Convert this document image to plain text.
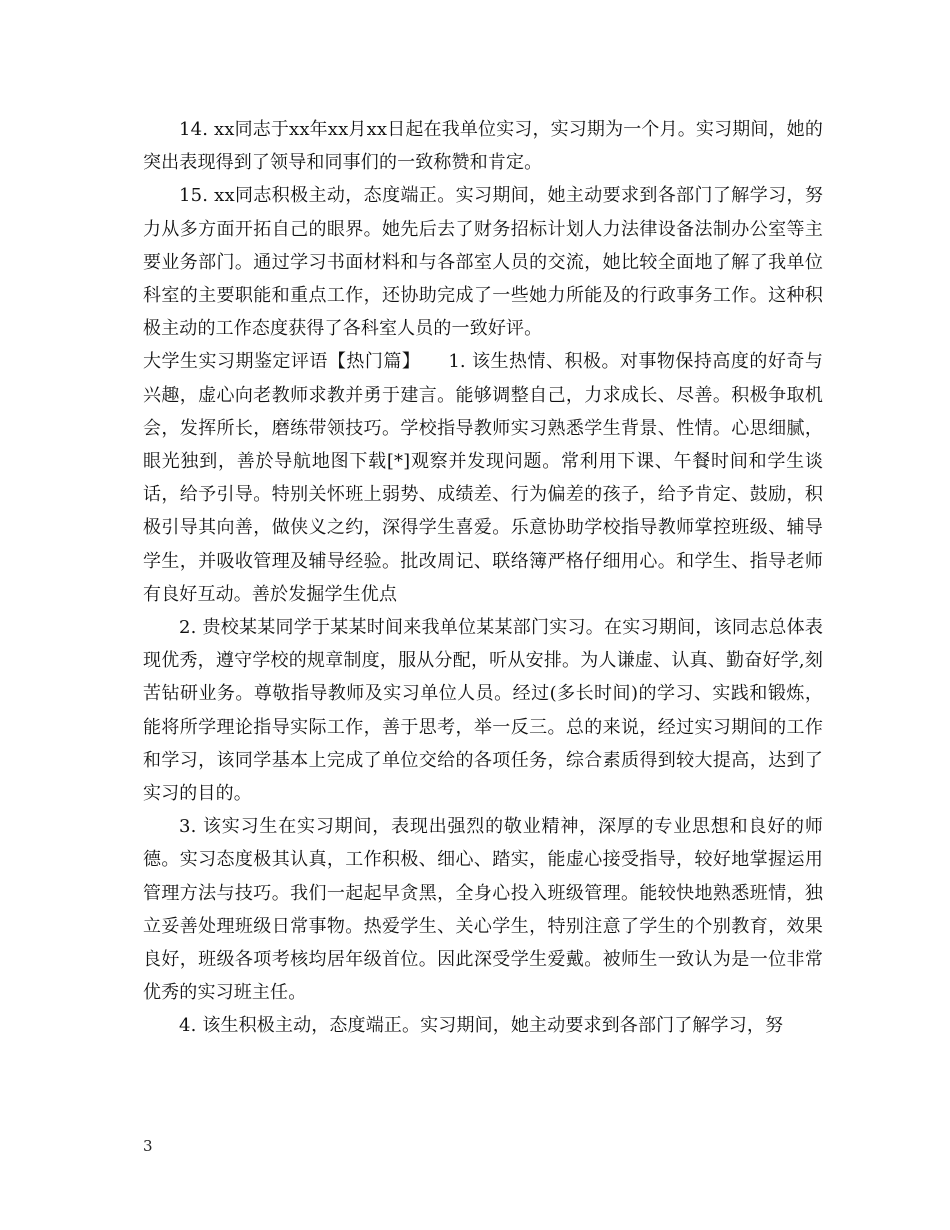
14. xx同志于xx年xx月xx日起在我单位实习，实习期为一个月。实习期间，她的突出表现得到了领导和同事们的一致称赞和肯定。

15. xx同志积极主动，态度端正。实习期间，她主动要求到各部门了解学习，努力从多方面开拓自己的眼界。她先后去了财务招标计划人力法律设备法制办公室等主要业务部门。通过学习书面材料和与各部室人员的交流，她比较全面地了解了我单位科室的主要职能和重点工作，还协助完成了一些她力所能及的行政事务工作。这种积极主动的工作态度获得了各科室人员的一致好评。

大学生实习期鉴定评语【热门篇】　　1. 该生热情、积极。对事物保持高度的好奇与兴趣，虚心向老教师求教并勇于建言。能够调整自己，力求成长、尽善。积极争取机会，发挥所长，磨练带领技巧。学校指导教师实习熟悉学生背景、性情。心思细腻，眼光独到，善於导航地图下载[*]观察并发现问题。常利用下课、午餐时间和学生谈话，给予引导。特别关怀班上弱势、成绩差、行为偏差的孩子，给予肯定、鼓励，积极引导其向善，做侠义之约，深得学生喜爱。乐意协助学校指导教师掌控班级、辅导学生，并吸收管理及辅导经验。批改周记、联络簿严格仔细用心。和学生、指导老师有良好互动。善於发掘学生优点

2. 贵校某某同学于某某时间来我单位某某部门实习。在实习期间，该同志总体表现优秀，遵守学校的规章制度，服从分配，听从安排。为人谦虚、认真、勤奋好学,刻苦钻研业务。尊敬指导教师及实习单位人员。经过(多长时间)的学习、实践和锻炼，能将所学理论指导实际工作，善于思考，举一反三。总的来说，经过实习期间的工作和学习，该同学基本上完成了单位交给的各项任务，综合素质得到较大提高，达到了实习的目的。

3. 该实习生在实习期间，表现出强烈的敬业精神，深厚的专业思想和良好的师德。实习态度极其认真，工作积极、细心、踏实，能虚心接受指导，较好地掌握运用管理方法与技巧。我们一起起早贪黑，全身心投入班级管理。能较快地熟悉班情，独立妥善处理班级日常事物。热爱学生、关心学生，特别注意了学生的个别教育，效果良好，班级各项考核均居年级首位。因此深受学生爱戴。被师生一致认为是一位非常优秀的实习班主任。

4. 该生积极主动，态度端正。实习期间，她主动要求到各部门了解学习，努

3
